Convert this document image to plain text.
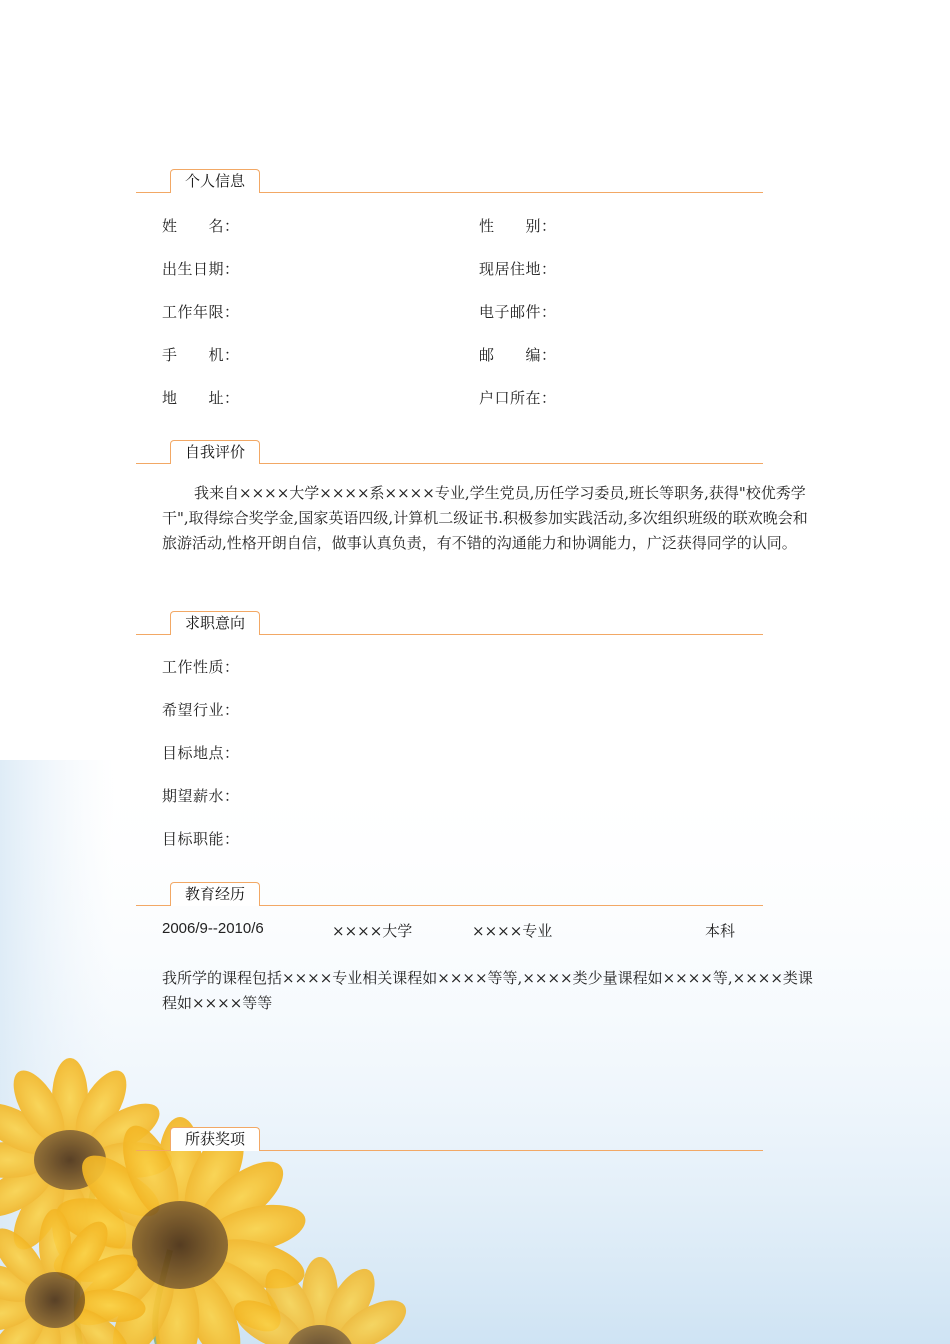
个人信息
姓　　名：	性　　别：
出生日期：	现居住地：
工作年限：	电子邮件：
手　　机：	邮　　编：
地　　址：	户口所在：
自我评价
我来自××××大学××××系××××专业,学生党员,历任学习委员,班长等职务,获得"校优秀学干",取得综合奖学金,国家英语四级,计算机二级证书.积极参加实践活动,多次组织班级的联欢晚会和旅游活动,性格开朗自信，做事认真负责，有不错的沟通能力和协调能力，广泛获得同学的认同。
求职意向
工作性质：
希望行业：
目标地点：
期望薪水：
目标职能：
教育经历
2006/9--2010/6	××××大学	××××专业	本科
我所学的课程包括××××专业相关课程如××××等等,××××类少量课程如××××等,××××类课程如××××等等
所获奖项
